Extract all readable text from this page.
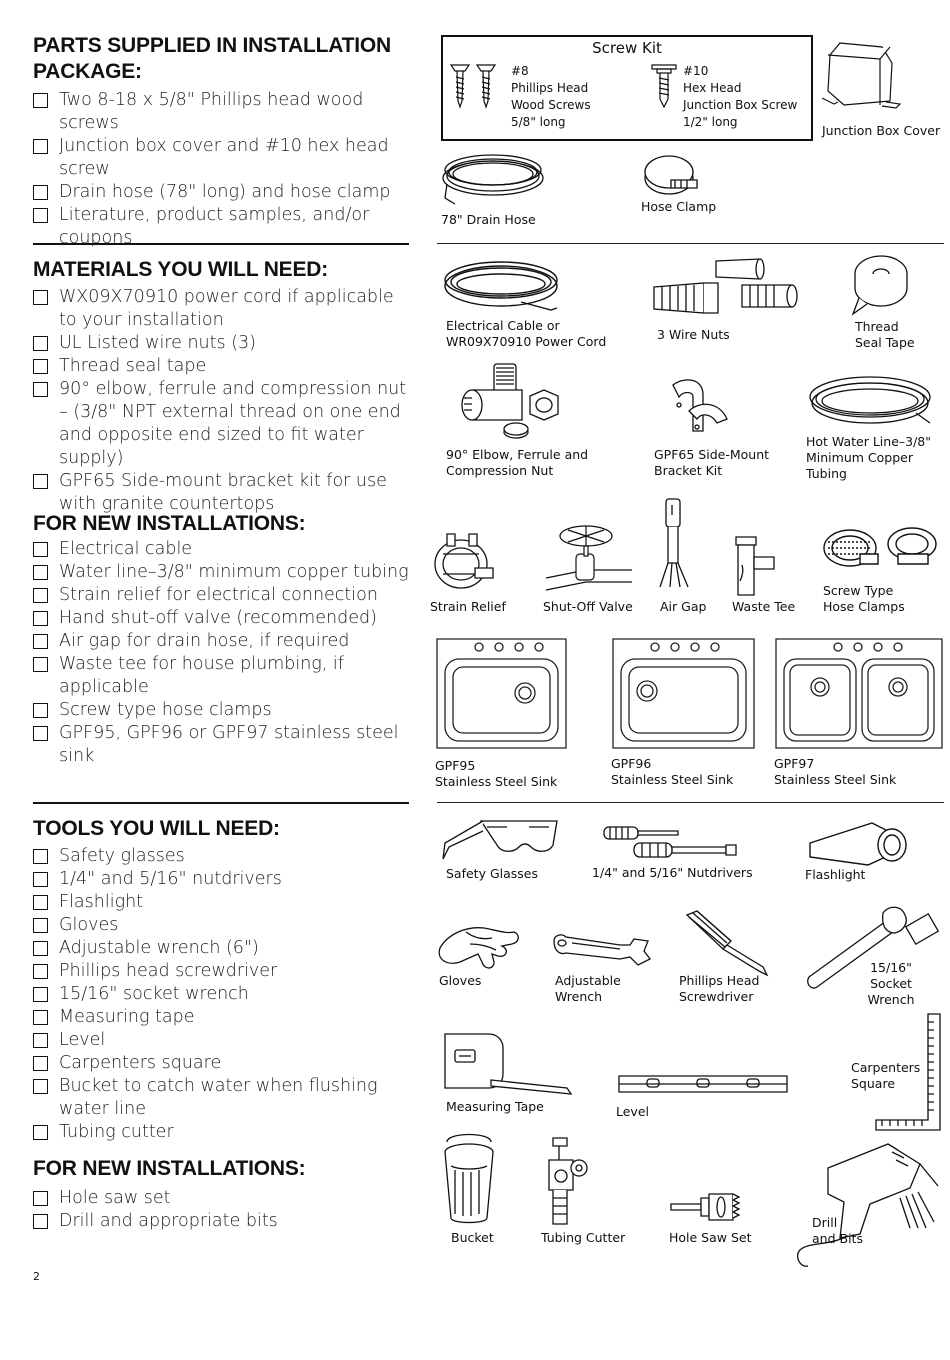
PARTS SUPPLIED IN INSTALLATION
PACKAGE:
Two 8-18 x 5/8" Phillips head wood screws
Junction box cover and #10 hex head screw
Drain hose (78" long) and hose clamp
Literature, product samples, and/or coupons
MATERIALS YOU WILL NEED:
WX09X70910 power cord if applicable to your installation
UL Listed wire nuts (3)
Thread seal tape
90° elbow, ferrule and compression nut – (3/8" NPT external thread on one end and opposite end sized to fit water supply)
GPF65 Side-mount bracket kit for use with granite countertops
FOR NEW INSTALLATIONS:
Electrical cable
Water line–3/8" minimum copper tubing
Strain relief for electrical connection
Hand shut-off valve (recommended)
Air gap for drain hose, if required
Waste tee for house plumbing, if applicable
Screw type hose clamps
GPF95, GPF96 or GPF97 stainless steel sink
TOOLS YOU WILL NEED:
Safety glasses
1/4" and 5/16" nutdrivers
Flashlight
Gloves
Adjustable wrench (6")
Phillips head screwdriver
15/16" socket wrench
Measuring tape
Level
Carpenters square
Bucket to catch water when flushing water line
Tubing cutter
FOR NEW INSTALLATIONS:
Hole saw set
Drill and appropriate bits
2
Screw Kit
#8
Phillips Head
Wood Screws
5/8" long
#10
Hex Head
Junction Box Screw
1/2" long
Junction Box Cover
78" Drain Hose
Hose Clamp
Electrical Cable or
WR09X70910 Power Cord	3 Wire Nuts
Thread
Seal Tape
90° Elbow, Ferrule and
Compression Nut
GPF65 Side-Mount
Bracket Kit
Hot Water Line–3/8"
Minimum Copper
Tubing
Strain Relief	Shut-Off Valve Air Gap Waste Tee
Screw Type
Hose Clamps
GPF95
Stainless Steel Sink
GPF96
Stainless Steel Sink
GPF97
Stainless Steel Sink
Safety Glasses	1/4" and 5/16" Nutdrivers	Flashlight
Gloves	Adjustable
Wrench
Phillips Head
Screwdriver
15/16"
Socket Wrench
Measuring Tape	Level
Carpenters
Square
Bucket	Tubing Cutter	Hole Saw Set
Drill
and Bits
